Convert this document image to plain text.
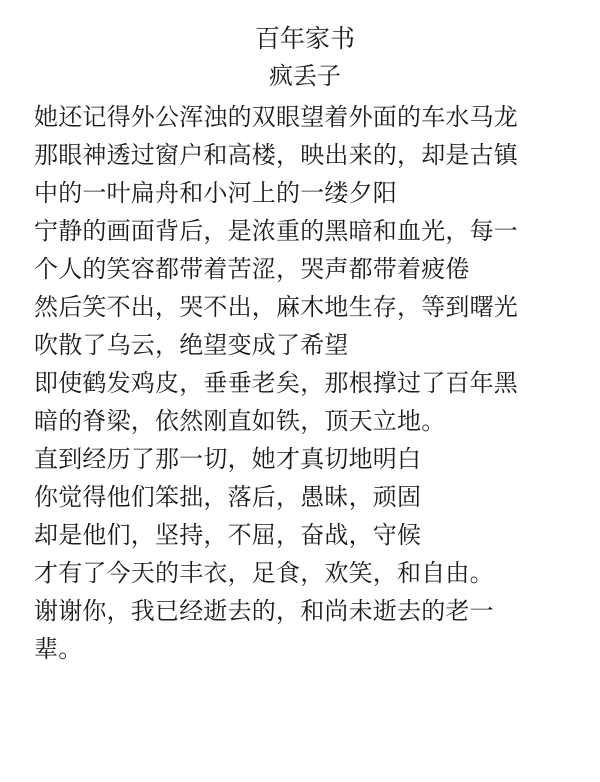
百年家书
疯丢子
她还记得外公浑浊的双眼望着外面的车水马龙
那眼神透过窗户和高楼，映出来的，却是古镇
中的一叶扁舟和小河上的一缕夕阳
宁静的画面背后，是浓重的黑暗和血光，每一
个人的笑容都带着苦涩，哭声都带着疲倦
然后笑不出，哭不出，麻木地生存，等到曙光
吹散了乌云，绝望变成了希望
即使鹤发鸡皮，垂垂老矣，那根撑过了百年黑
暗的脊梁，依然刚直如铁，顶天立地。
直到经历了那一切，她才真切地明白
你觉得他们笨拙，落后，愚昧，顽固
却是他们，坚持，不屈，奋战，守候
才有了今天的丰衣，足食，欢笑，和自由。
谢谢你，我已经逝去的，和尚未逝去的老一
辈。
